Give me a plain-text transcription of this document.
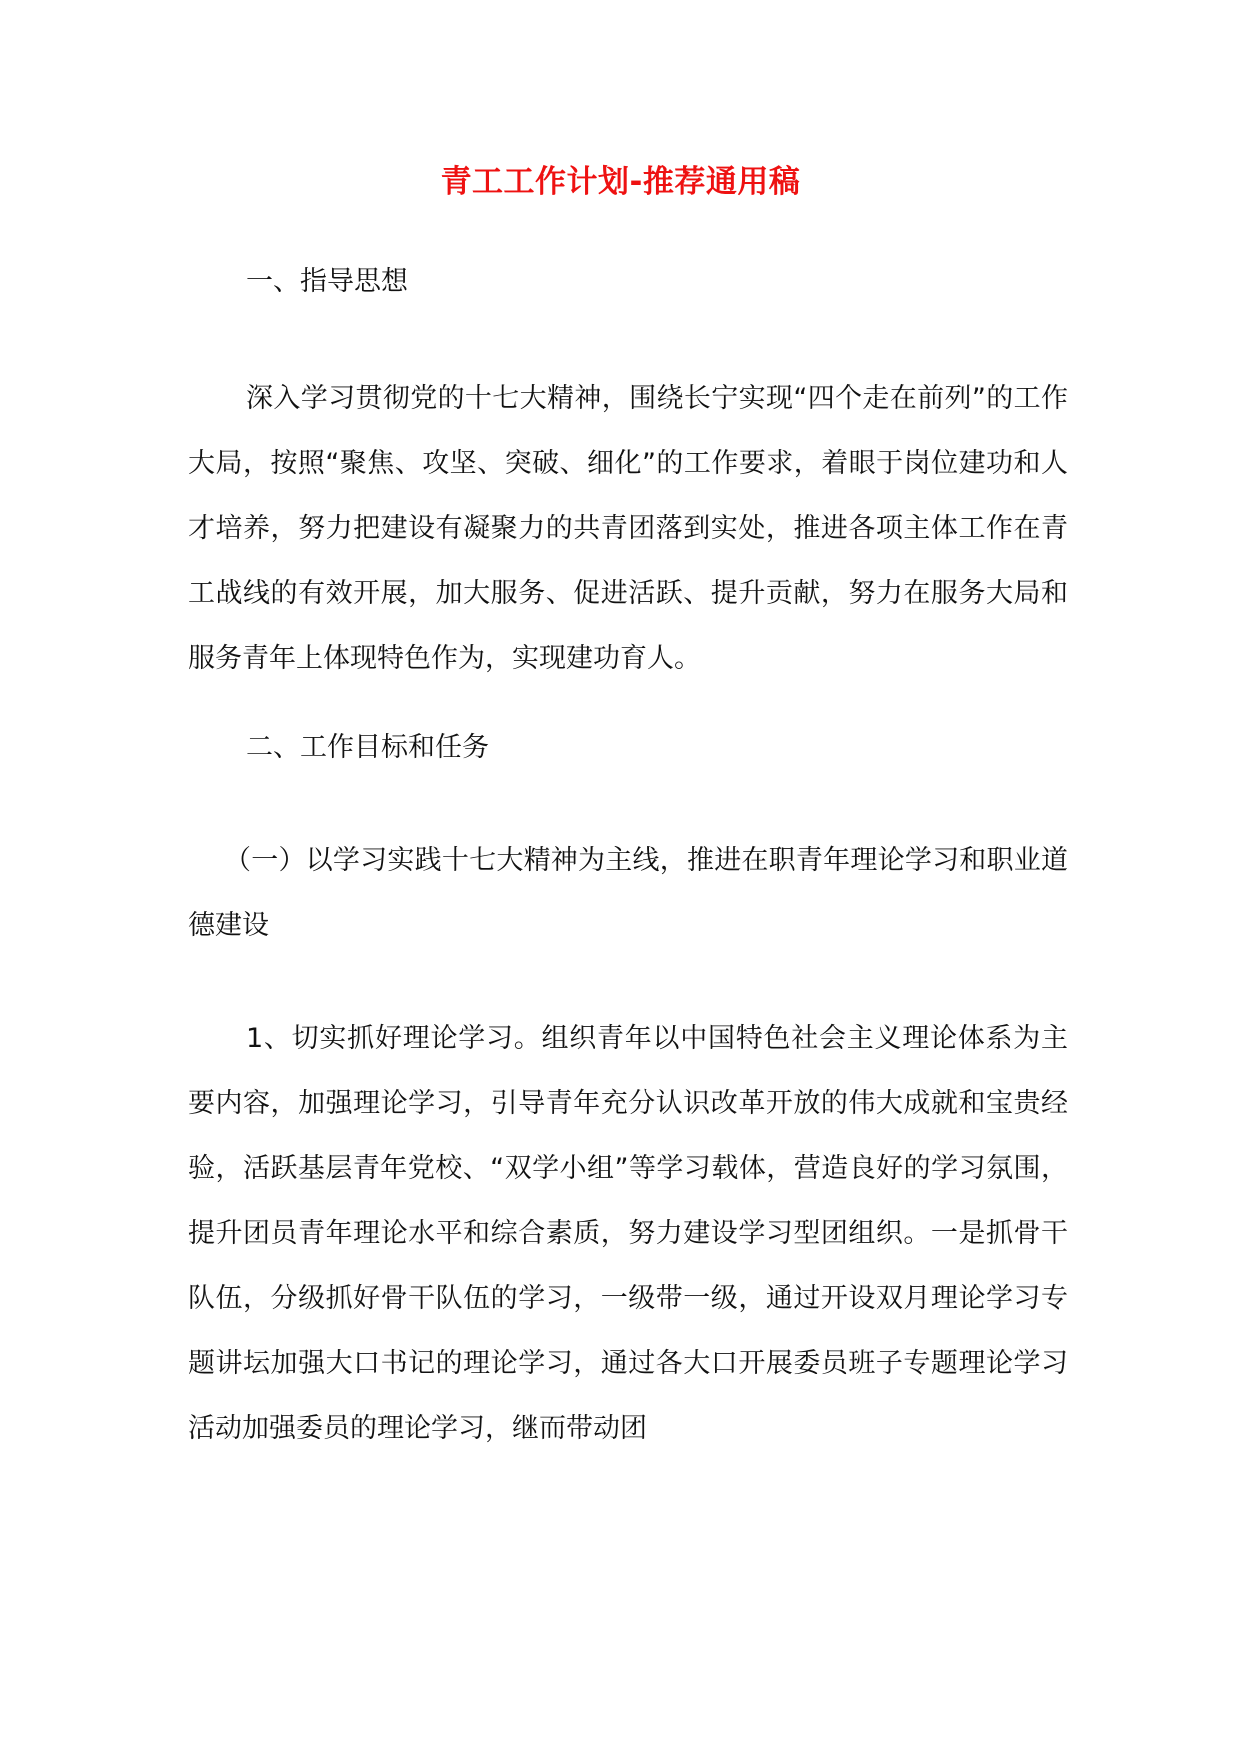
青工工作计划-推荐通用稿
一、指导思想
深入学习贯彻党的十七大精神，围绕长宁实现“四个走在前列”的工作大局，按照“聚焦、攻坚、突破、细化”的工作要求，着眼于岗位建功和人才培养，努力把建设有凝聚力的共青团落到实处，推进各项主体工作在青工战线的有效开展，加大服务、促进活跃、提升贡献，努力在服务大局和服务青年上体现特色作为，实现建功育人。
二、工作目标和任务
（一）以学习实践十七大精神为主线，推进在职青年理论学习和职业道德建设
1、切实抓好理论学习。组织青年以中国特色社会主义理论体系为主要内容，加强理论学习，引导青年充分认识改革开放的伟大成就和宝贵经验，活跃基层青年党校、“双学小组”等学习载体，营造良好的学习氛围，提升团员青年理论水平和综合素质，努力建设学习型团组织。一是抓骨干队伍，分级抓好骨干队伍的学习，一级带一级，通过开设双月理论学习专题讲坛加强大口书记的理论学习，通过各大口开展委员班子专题理论学习活动加强委员的理论学习，继而带动团
